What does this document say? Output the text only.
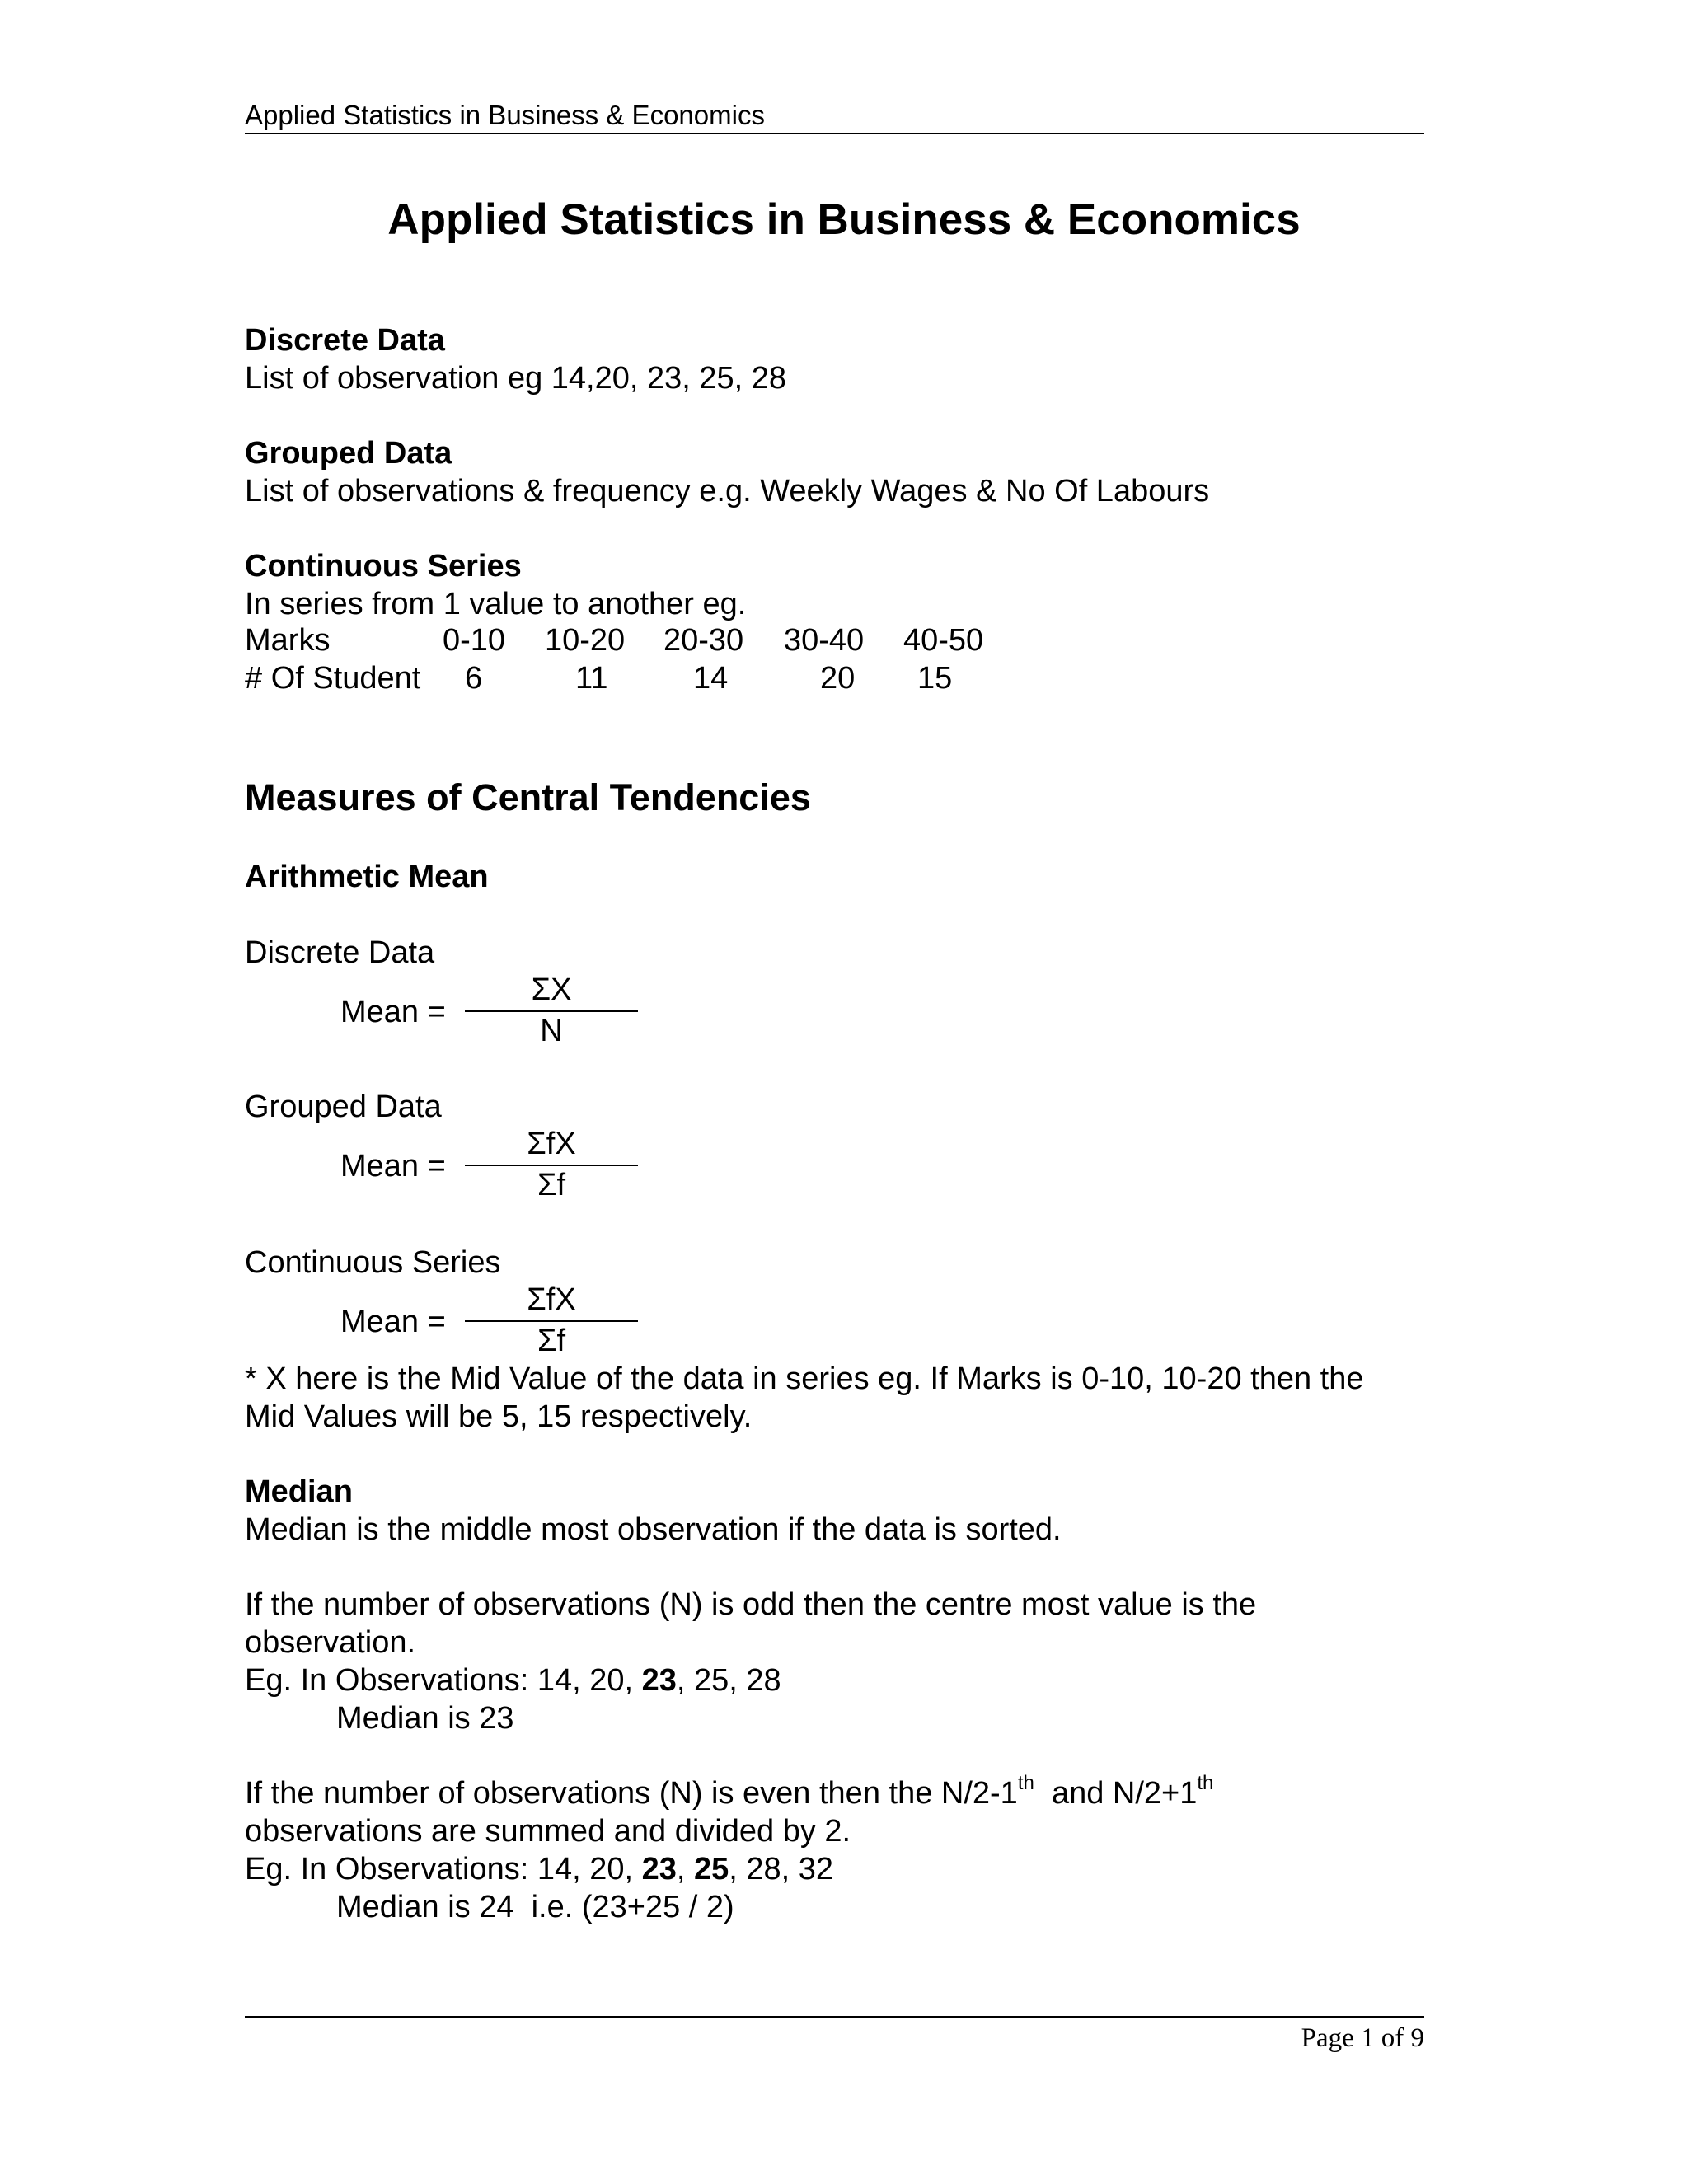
Applied Statistics in Business & Economics
Applied Statistics in Business & Economics
Discrete Data
List of observation eg 14,20, 23, 25, 28
Grouped Data
List of observations & frequency e.g. Weekly Wages & No Of Labours
Continuous Series
In series from 1 value to another eg.
Marks	0-10 10-20 20-30 30-40 40-50
# Of Student 6	11	14	20 15
Measures of Central Tendencies
Arithmetic Mean
Discrete Data
Mean =
ΣX
N
Grouped Data
Mean =
ΣfX
Σf
Continuous Series
Mean =
ΣfX
Σf
* X here is the Mid Value of the data in series eg. If Marks is 0-10, 10-20 then the
Mid Values will be 5, 15 respectively.
Median
Median is the middle most observation if the data is sorted.
If the number of observations (N) is odd then the centre most value is the
observation.
Eg. In Observations: 14, 20, 23, 25, 28
Median is 23
If the number of observations (N) is even then the N/2-1th  and N/2+1th
observations are summed and divided by 2.
Eg. In Observations: 14, 20, 23, 25, 28, 32
Median is 24  i.e. (23+25 / 2)
Page 1 of 9
